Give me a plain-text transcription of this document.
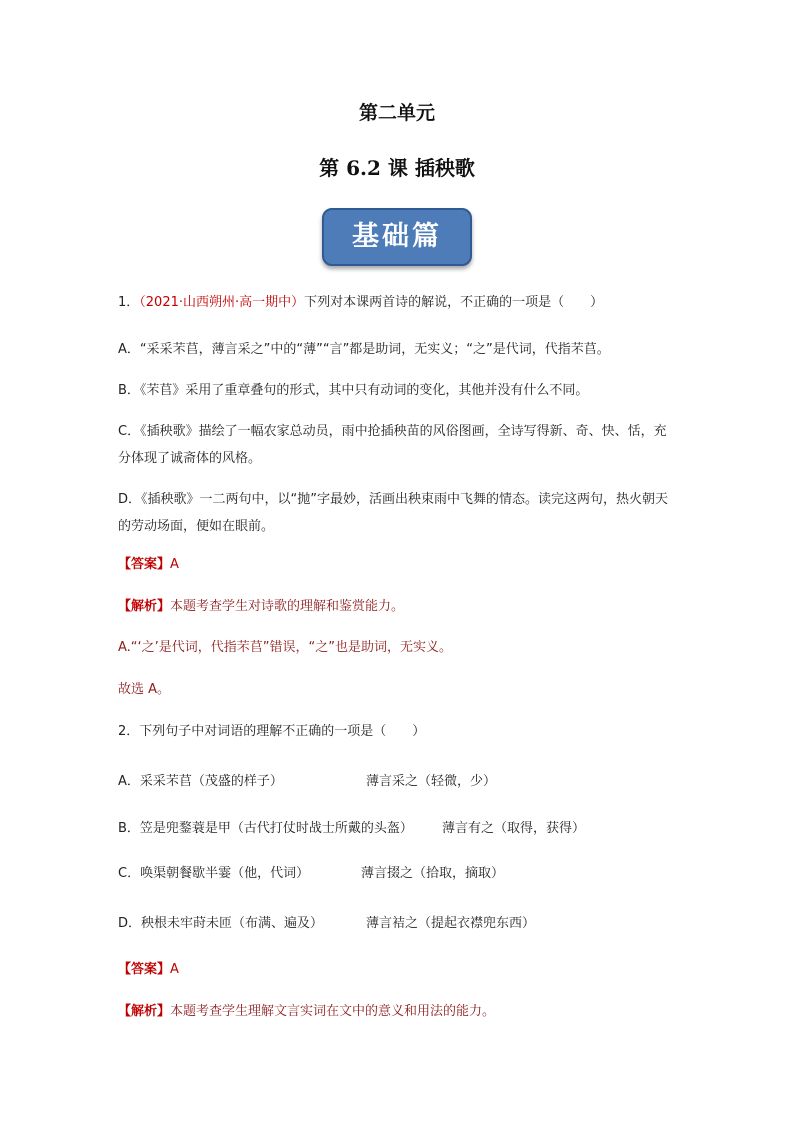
第二单元
第 6.2 课 插秧歌
基础篇
1．（2021·山西朔州·高一期中）下列对本课两首诗的解说，不正确的一项是（　　）
A．“采采芣苢，薄言采之”中的“薄”“言”都是助词，无实义；“之”是代词，代指芣苢。
B．《芣苢》采用了重章叠句的形式，其中只有动词的变化，其他并没有什么不同。
C．《插秧歌》描绘了一幅农家总动员，雨中抢插秧苗的风俗图画，全诗写得新、奇、快、恬，充分体现了诚斋体的风格。
D．《插秧歌》一二两句中，以“抛”字最妙，活画出秧束雨中飞舞的情态。读完这两句，热火朝天的劳动场面，便如在眼前。
【答案】A
【解析】本题考查学生对诗歌的理解和鉴赏能力。
A.“‘之’是代词，代指芣苢”错误，“之”也是助词，无实义。
故选 A。
2．下列句子中对词语的理解不正确的一项是（　　）
A．采采芣苢（茂盛的样子）	薄言采之（轻微，少）
B．笠是兜鍪蓑是甲（古代打仗时战士所戴的头盔） 薄言有之（取得，获得）
C．唤渠朝餐歇半霎（他，代词）	薄言掇之（拾取，摘取）
D．秧根未牢莳未匝（布满、遍及）	薄言袺之（提起衣襟兜东西）
【答案】A
【解析】本题考查学生理解文言实词在文中的意义和用法的能力。
